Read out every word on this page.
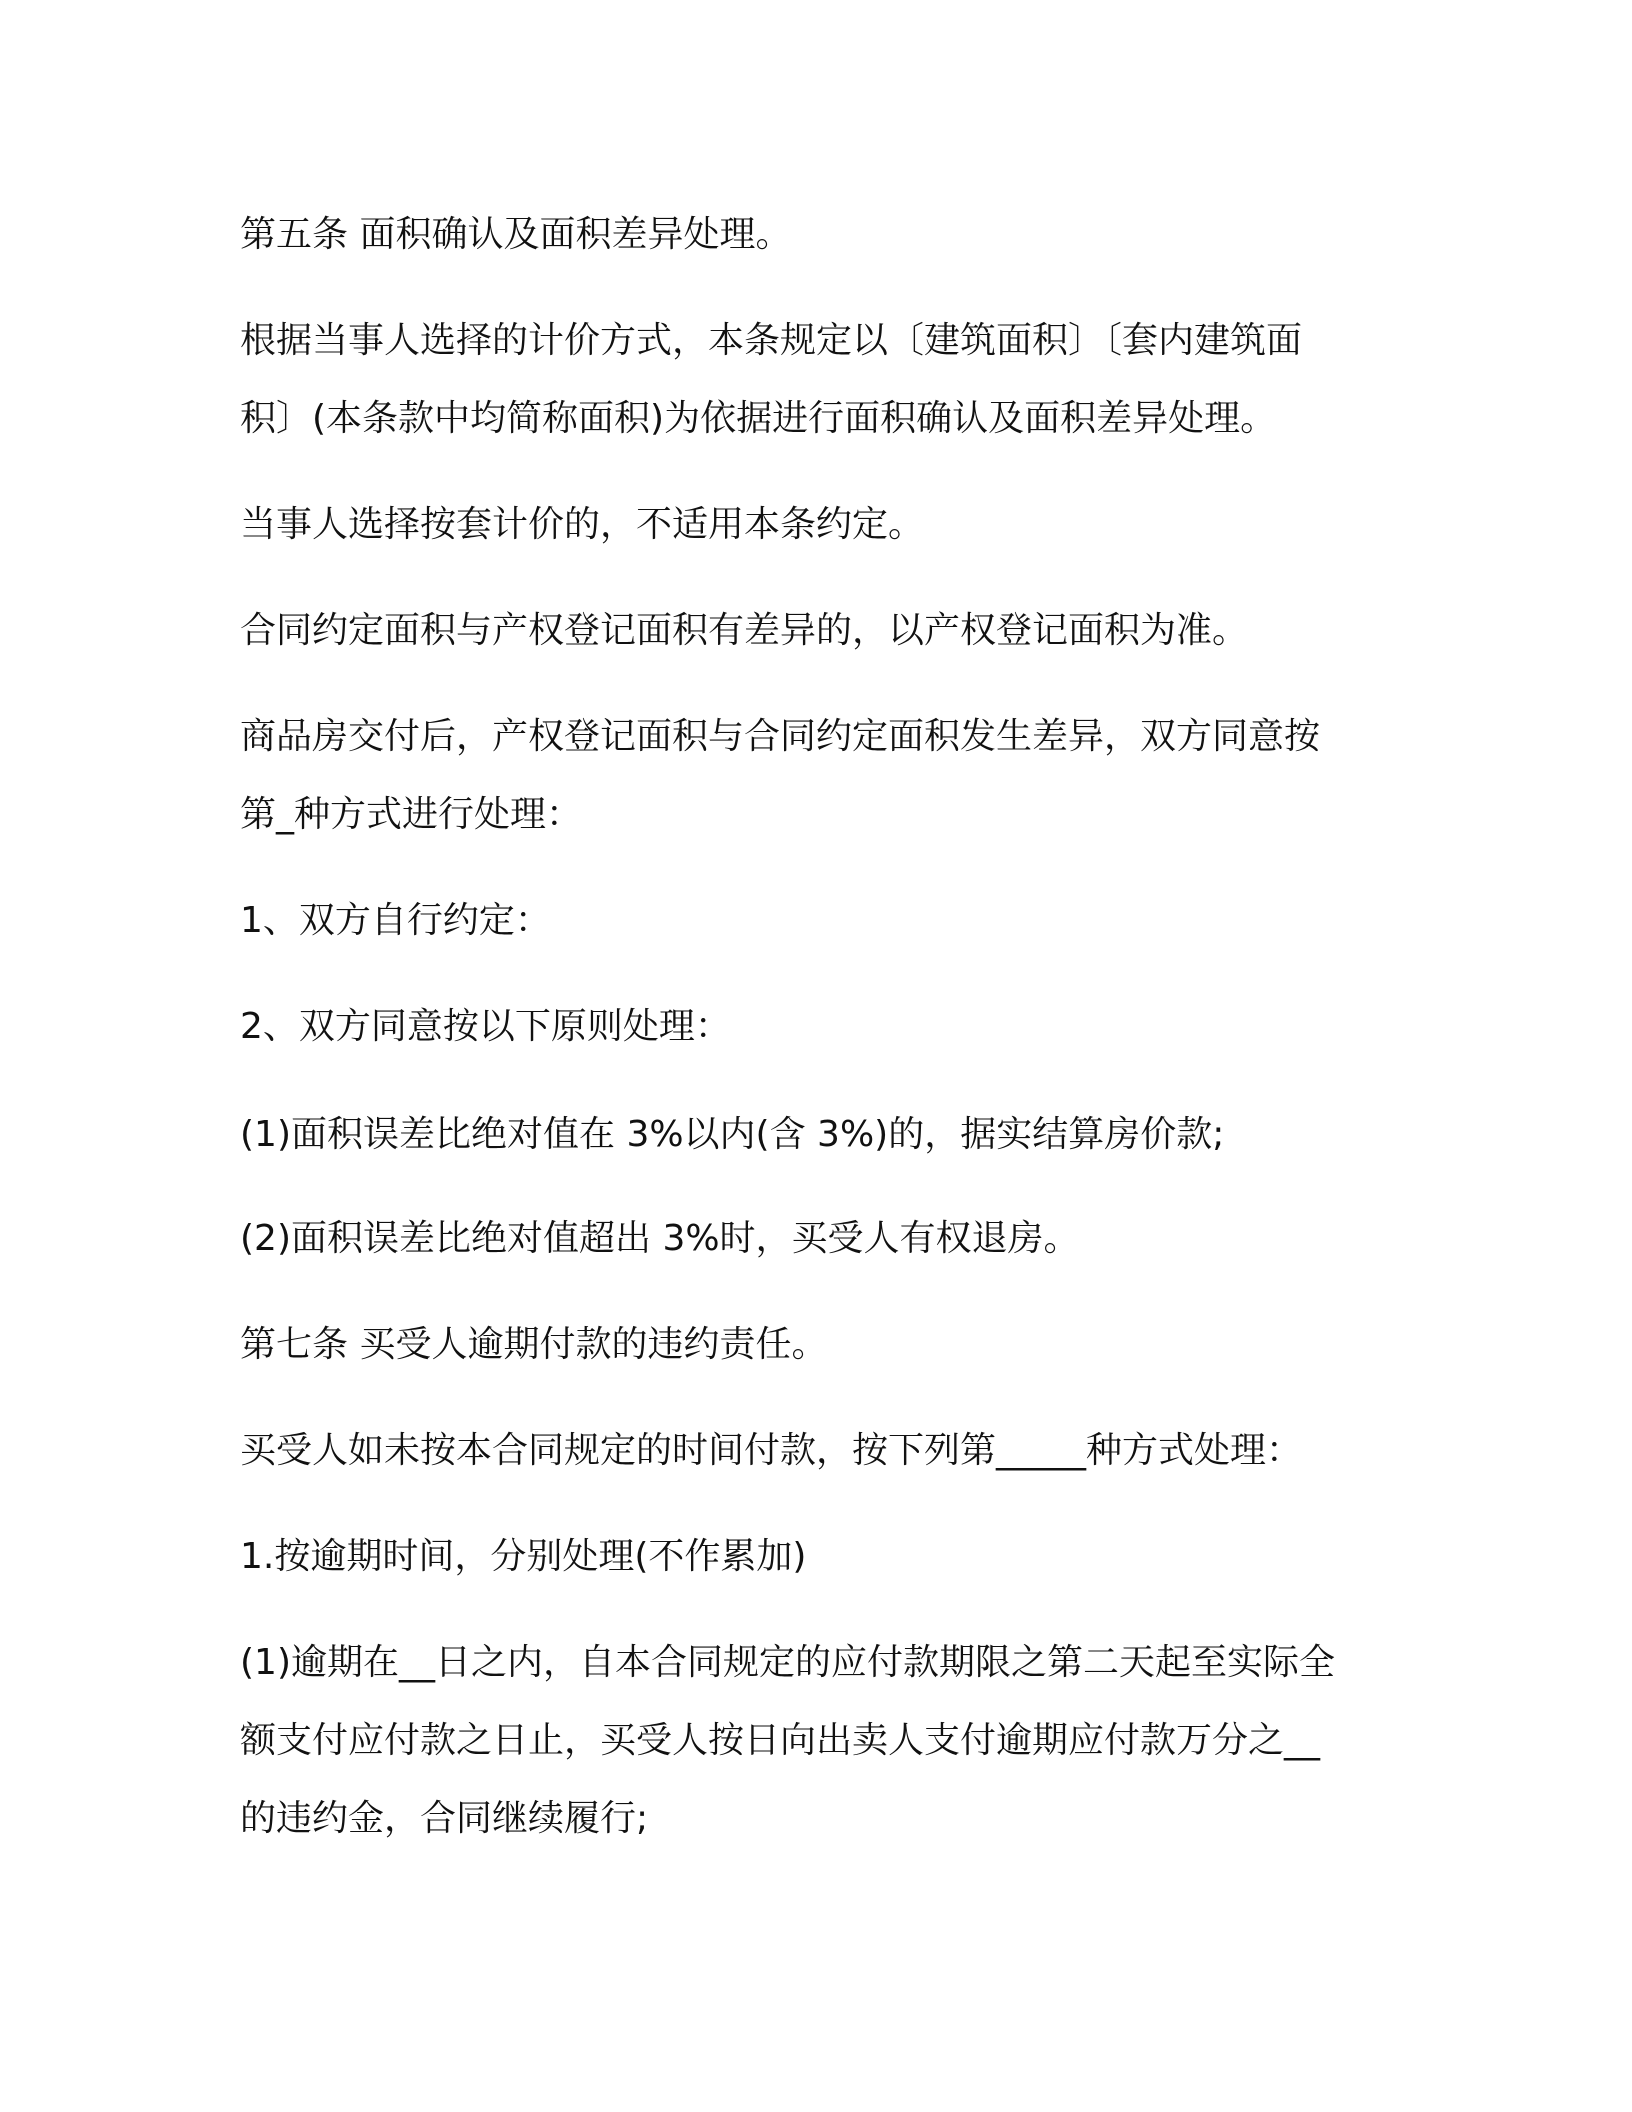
第五条 面积确认及面积差异处理。

根据当事人选择的计价方式，本条规定以〔建筑面积〕〔套内建筑面
积〕(本条款中均简称面积)为依据进行面积确认及面积差异处理。

当事人选择按套计价的，不适用本条约定。

合同约定面积与产权登记面积有差异的，以产权登记面积为准。

商品房交付后，产权登记面积与合同约定面积发生差异，双方同意按
第_种方式进行处理：

1、双方自行约定：

2、双方同意按以下原则处理：

(1)面积误差比绝对值在 3%以内(含 3%)的，据实结算房价款;

(2)面积误差比绝对值超出 3%时，买受人有权退房。

第七条 买受人逾期付款的违约责任。

买受人如未按本合同规定的时间付款，按下列第_____种方式处理：

1.按逾期时间，分别处理(不作累加)

(1)逾期在__日之内，自本合同规定的应付款期限之第二天起至实际全
额支付应付款之日止，买受人按日向出卖人支付逾期应付款万分之__
的违约金，合同继续履行;
